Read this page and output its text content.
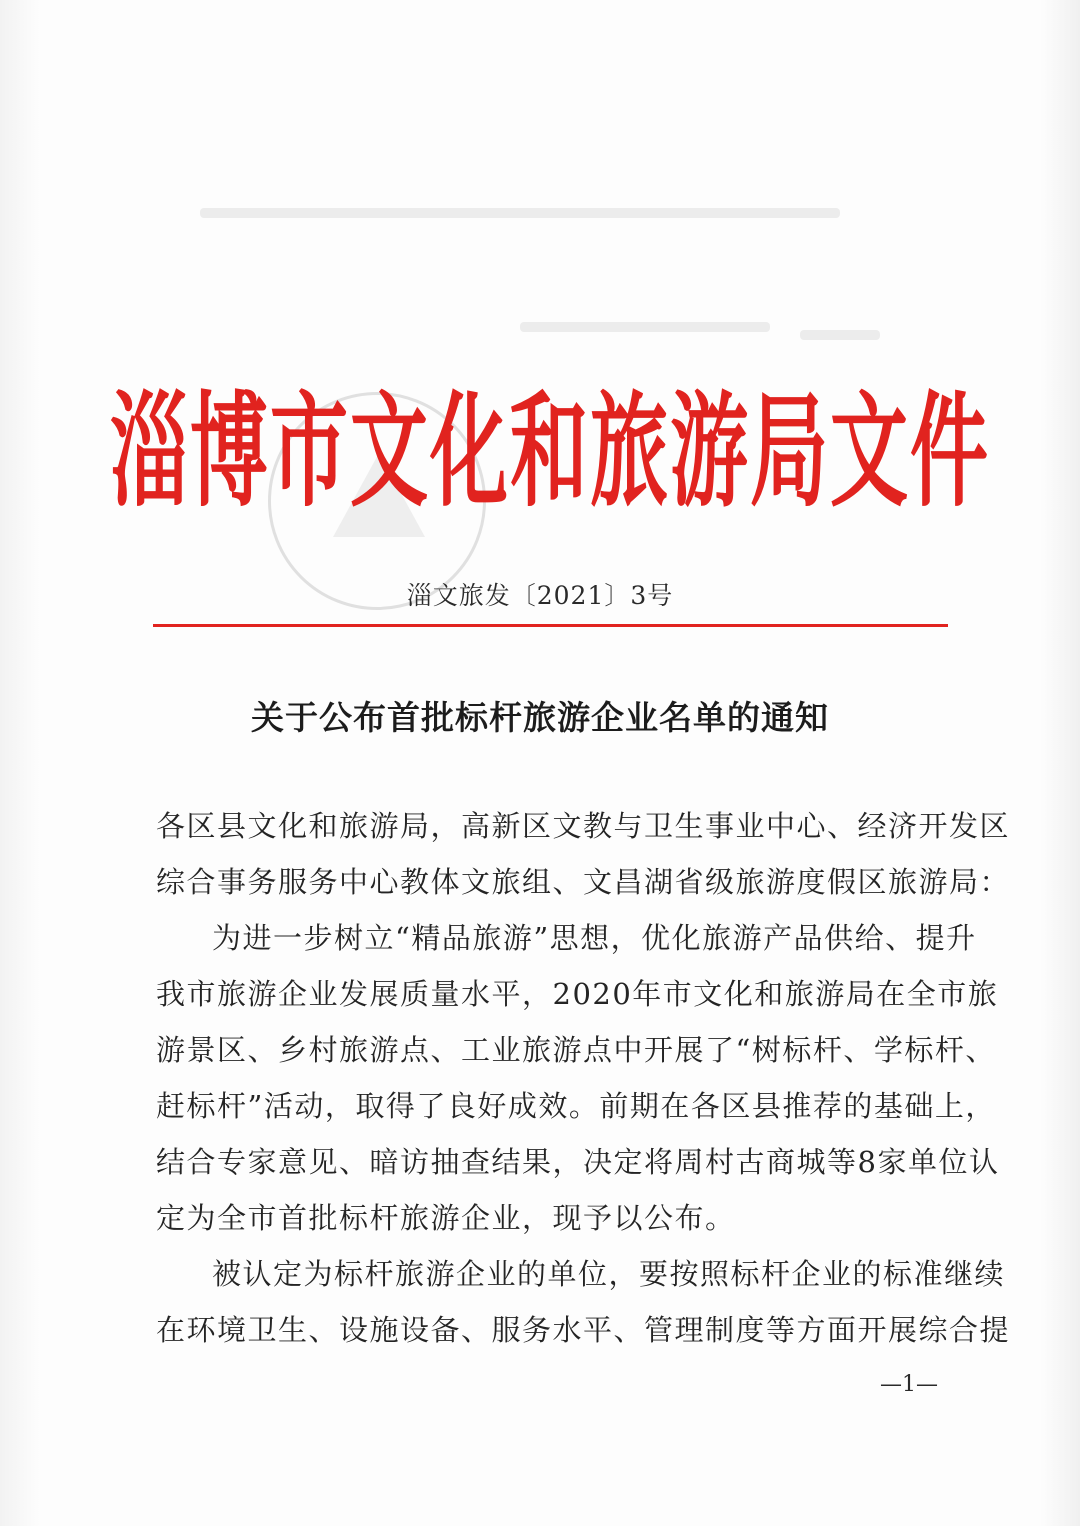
淄博市文化和旅游局文件
淄文旅发〔2021〕3号
关于公布首批标杆旅游企业名单的通知
各区县文化和旅游局，高新区文教与卫生事业中心、经济开发区
综合事务服务中心教体文旅组、文昌湖省级旅游度假区旅游局：
为进一步树立“精品旅游”思想，优化旅游产品供给、提升
我市旅游企业发展质量水平，2020年市文化和旅游局在全市旅
游景区、乡村旅游点、工业旅游点中开展了“树标杆、学标杆、
赶标杆”活动，取得了良好成效。前期在各区县推荐的基础上，
结合专家意见、暗访抽查结果，决定将周村古商城等8家单位认
定为全市首批标杆旅游企业，现予以公布。
被认定为标杆旅游企业的单位，要按照标杆企业的标准继续
在环境卫生、设施设备、服务水平、管理制度等方面开展综合提
—1—
